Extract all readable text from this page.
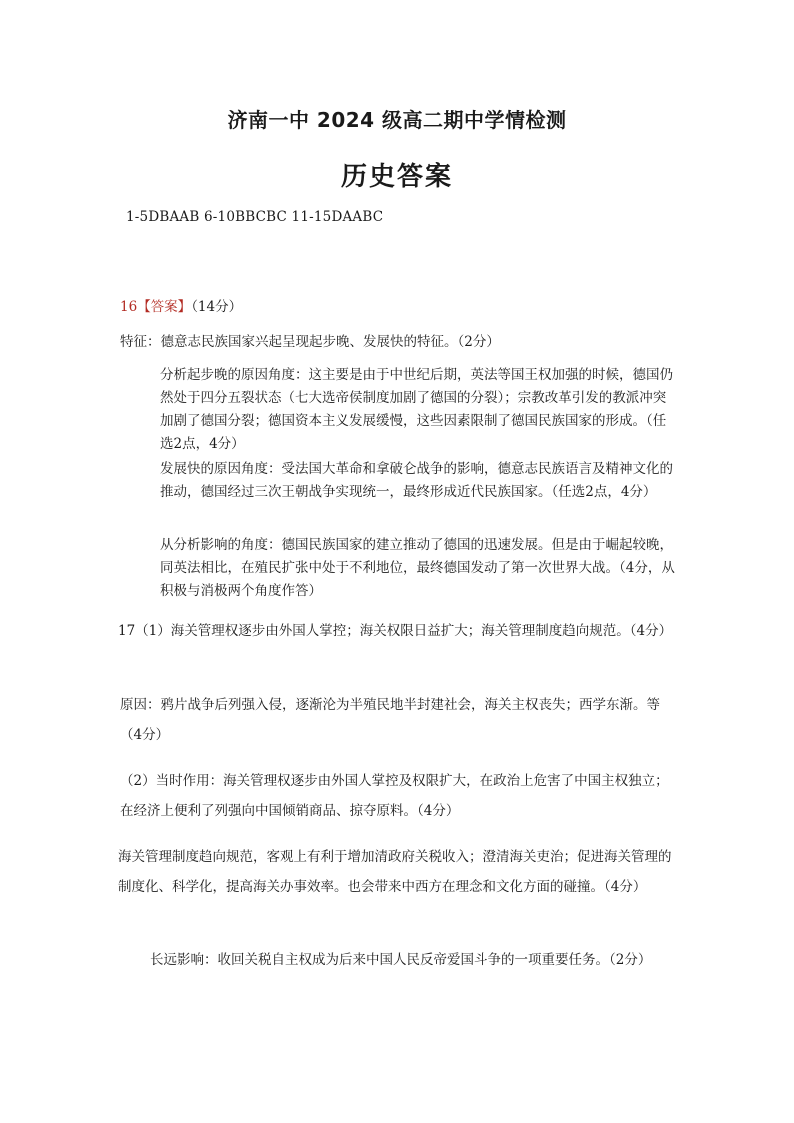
济南一中 2024 级高二期中学情检测
历史答案
1-5DBAAB 6-10BBCBC 11-15DAABC
16【答案】（14分）
特征：德意志民族国家兴起呈现起步晚、发展快的特征。（2分）
分析起步晚的原因角度：这主要是由于中世纪后期，英法等国王权加强的时候，德国仍然处于四分五裂状态（七大选帝侯制度加剧了德国的分裂）；宗教改革引发的教派冲突加剧了德国分裂；德国资本主义发展缓慢，这些因素限制了德国民族国家的形成。（任选2点，4分）
发展快的原因角度：受法国大革命和拿破仑战争的影响，德意志民族语言及精神文化的推动，德国经过三次王朝战争实现统一，最终形成近代民族国家。（任选2点，4分）
从分析影响的角度：德国民族国家的建立推动了德国的迅速发展。但是由于崛起较晚，同英法相比，在殖民扩张中处于不利地位，最终德国发动了第一次世界大战。（4分，从积极与消极两个角度作答）
17（1）海关管理权逐步由外国人掌控；海关权限日益扩大；海关管理制度趋向规范。（4分）
原因：鸦片战争后列强入侵，逐渐沦为半殖民地半封建社会，海关主权丧失；西学东渐。等（4分）
（2）当时作用：海关管理权逐步由外国人掌控及权限扩大，在政治上危害了中国主权独立；在经济上便利了列强向中国倾销商品、掠夺原料。（4分）
海关管理制度趋向规范，客观上有利于增加清政府关税收入；澄清海关吏治；促进海关管理的制度化、科学化，提高海关办事效率。也会带来中西方在理念和文化方面的碰撞。（4分）
长远影响：收回关税自主权成为后来中国人民反帝爱国斗争的一项重要任务。（2分）
